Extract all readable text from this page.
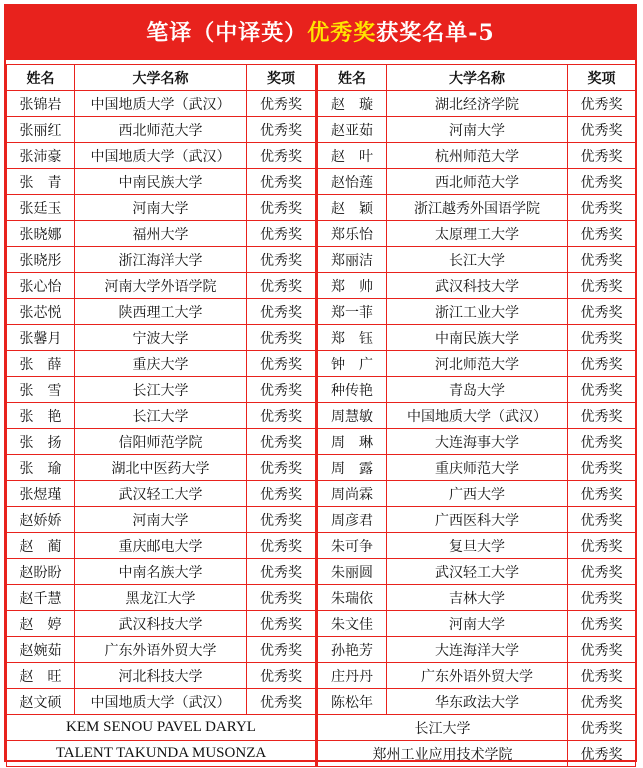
笔译（中译英）优秀奖获奖名单-5
姓名	大学名称	奖项	姓名	大学名称	奖项
张锦岩	中国地质大学（武汉）	优秀奖	赵　璇	湖北经济学院	优秀奖
张丽红	西北师范大学	优秀奖	赵亚茹	河南大学	优秀奖
张沛豪	中国地质大学（武汉）	优秀奖	赵　叶	杭州师范大学	优秀奖
张　青	中南民族大学	优秀奖	赵怡莲	西北师范大学	优秀奖
张廷玉	河南大学	优秀奖	赵　颖	浙江越秀外国语学院	优秀奖
张晓娜	福州大学	优秀奖	郑乐怡	太原理工大学	优秀奖
张晓彤	浙江海洋大学	优秀奖	郑丽洁	长江大学	优秀奖
张心怡	河南大学外语学院	优秀奖	郑　帅	武汉科技大学	优秀奖
张芯悦	陕西理工大学	优秀奖	郑一菲	浙江工业大学	优秀奖
张馨月	宁波大学	优秀奖	郑　钰	中南民族大学	优秀奖
张　薛	重庆大学	优秀奖	钟　广	河北师范大学	优秀奖
张　雪	长江大学	优秀奖	种传艳	青岛大学	优秀奖
张　艳	长江大学	优秀奖	周慧敏	中国地质大学（武汉）	优秀奖
张　扬	信阳师范学院	优秀奖	周　琳	大连海事大学	优秀奖
张　瑜	湖北中医药大学	优秀奖	周　露	重庆师范大学	优秀奖
张煜瑾	武汉轻工大学	优秀奖	周尚霖	广西大学	优秀奖
赵娇娇	河南大学	优秀奖	周彦君	广西医科大学	优秀奖
赵　蔺	重庆邮电大学	优秀奖	朱可争	复旦大学	优秀奖
赵盼盼	中南名族大学	优秀奖	朱丽圆	武汉轻工大学	优秀奖
赵千慧	黑龙江大学	优秀奖	朱瑞依	吉林大学	优秀奖
赵　婷	武汉科技大学	优秀奖	朱文佳	河南大学	优秀奖
赵婉茹	广东外语外贸大学	优秀奖	孙艳芳	大连海洋大学	优秀奖
赵　旺	河北科技大学	优秀奖	庄丹丹	广东外语外贸大学	优秀奖
赵文硕	中国地质大学（武汉）	优秀奖	陈松年	华东政法大学	优秀奖
KEM SENOU PAVEL DARYL			长江大学		优秀奖
TALENT TAKUNDA MUSONZA			郑州工业应用技术学院		优秀奖
